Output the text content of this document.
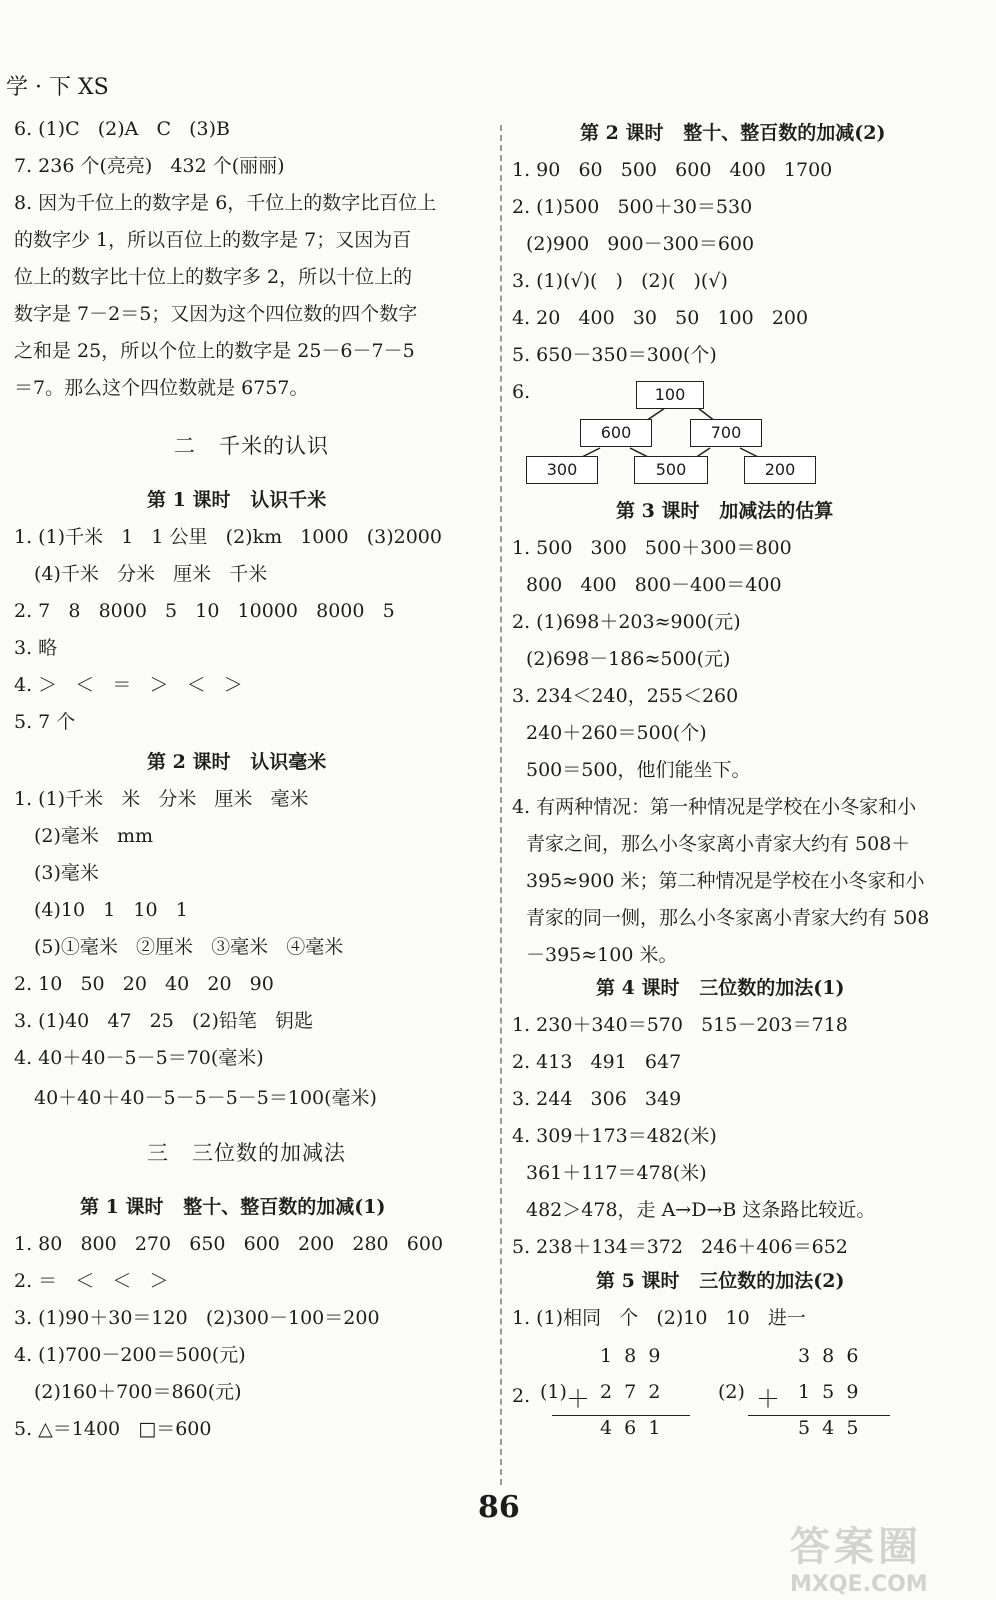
学 · 下 XS
6. (1)C   (2)A   C   (3)B
7. 236 个(亮亮)   432 个(丽丽)
8. 因为千位上的数字是 6，千位上的数字比百位上
的数字少 1，所以百位上的数字是 7；又因为百
位上的数字比十位上的数字多 2，所以十位上的
数字是 7－2＝5；又因为这个四位数的四个数字
之和是 25，所以个位上的数字是 25－6－7－5
＝7。那么这个四位数就是 6757。
二   千米的认识
第 1 课时   认识千米
1. (1)千米   1   1 公里   (2)km   1000   (3)2000
(4)千米   分米   厘米   千米
2. 7   8   8000   5   10   10000   8000   5
3. 略
4. ＞   ＜   ＝   ＞   ＜   ＞
5. 7 个
第 2 课时   认识毫米
1. (1)千米   米   分米   厘米   毫米
(2)毫米   mm
(3)毫米
(4)10   1   10   1
(5)①毫米   ②厘米   ③毫米   ④毫米
2. 10   50   20   40   20   90
3. (1)40   47   25   (2)铅笔   钥匙
4. 40＋40－5－5＝70(毫米)
40＋40＋40－5－5－5－5＝100(毫米)
三   三位数的加减法
第 1 课时   整十、整百数的加减(1)
1. 80   800   270   650   600   200   280   600
2. ＝   ＜   ＜   ＞
3. (1)90＋30＝120   (2)300－100＝200
4. (1)700－200＝500(元)
(2)160＋700＝860(元)
5. △＝1400   □＝600
第 2 课时   整十、整百数的加减(2)
1. 90   60   500   600   400   1700
2. (1)500   500＋30＝530
(2)900   900－300＝600
3. (1)(√)(   )   (2)(   )(√)
4. 20   400   30   50   100   200
5. 650－350＝300(个)
6.
第 3 课时   加减法的估算
1. 500   300   500＋300＝800
800   400   800－400＝400
2. (1)698＋203≈900(元)
(2)698－186≈500(元)
3. 234＜240，255＜260
240＋260＝500(个)
500＝500，他们能坐下。
4. 有两种情况：第一种情况是学校在小冬家和小
青家之间，那么小冬家离小青家大约有 508＋
395≈900 米；第二种情况是学校在小冬家和小
青家的同一侧，那么小冬家离小青家大约有 508
－395≈100 米。
第 4 课时   三位数的加法(1)
1. 230＋340＝570   515－203＝718
2. 413   491   647
3. 244   306   349
4. 309＋173＝482(米)
361＋117＝478(米)
482＞478，走 A→D→B 这条路比较近。
5. 238＋134＝372   246＋406＝652
第 5 课时   三位数的加法(2)
1. (1)相同   个   (2)10   10   进一
2.
100
600	700
300	500	200
1  8  9
(1) ＋ 2  7  2
4  6  1
3  8  6
(2) ＋ 1  5  9
5  4  5
86
答案圈
MXQE.COM
